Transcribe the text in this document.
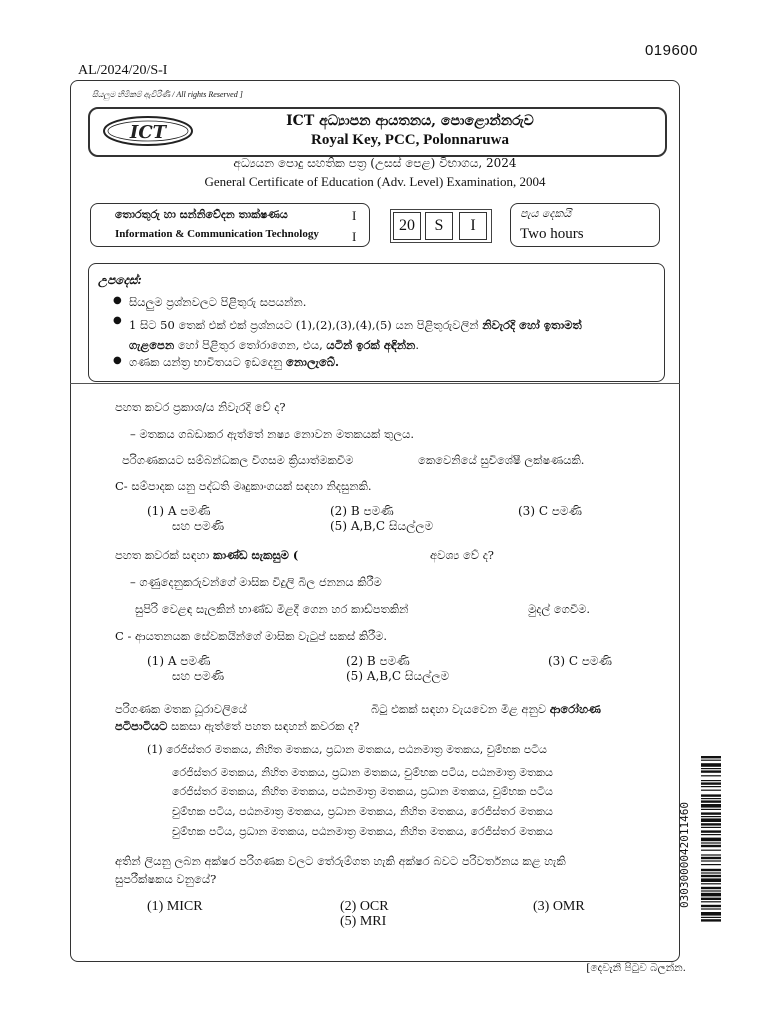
019600
AL/2024/20/S-I
සියලුම හිමිකම් ඇවිරිණි / All rights Reserved ]
ICT
ICT අධ්‍යාපන ආයතනය, පොළොන්නරුව
Royal Key, PCC, Polonnaruwa
අධ්‍යයන පොදු සහතික පත්‍ර (උසස් පෙළ) විභාගය, 2024
General Certificate of Education (Adv. Level) Examination, 2004
තොරතුරු හා සන්නිවේදන තාක්ෂණය
Information & Communication Technology
I
I
20	S	I
පැය දෙකයි
Two hours
උපදෙස්:
● සියලුම ප්‍රශ්නවලට පිළිතුරු සපයන්න.
● 1 සිට 50 තෙක් එක් එක් ප්‍රශ්නයට (1),(2),(3),(4),(5) යන පිළිතුරුවලින් නිවැරදි හෝ ඉතාමත්
ගැළපෙන හෝ පිළිතුර තෝරාගෙන, එය, යටින් ඉරක් අඳින්න.
● ගණක යන්ත්‍ර භාවිතයට ඉඩදෙනු නොලැබේ.
පහත කවර ප්‍රකාශ/ය නිවැරදි වේ ද?
– මතකය ගබඩාකර ඇත්තේ නෂ්‍ය නොවන මතකයක් තුලය.
පරිගණකයට සම්බන්ධකල විගසම ක්‍රියාත්මකවීම	කෙවෙනියේ සුවිශේෂී ලක්ෂණයකි.
C- සම්පාදක යනු පද්ධති මෘදුකාංගයක් සඳහා නිදසුනකි.
(1) A පමණි	(2) B පමණි	(3) C පමණි
සහ පමණි	(5) A,B,C සියල්ලම
පහත කවරක් සඳහා කාණ්ඩ සැකසුම (	අවශ්‍ය වේ ද?
– ගණුදෙනුකරුවන්ගේ මාසික විදුලි බිල ජනනය කිරීම
සුපිරි වෙළඳ සැලකින් භාණ්ඩ මිළදී ගෙන හර කාඩ්පතකින්	මුදල් ගෙවීම.
C - ආයතනයක සේවකයින්ගේ මාසික වැටුප් සකස් කිරීම.
(1) A පමණි	(2) B පමණි	(3) C පමණි
සහ පමණි	(5) A,B,C සියල්ලම
පරිගණක මතක ධූරාවලියේ	බිටු එකක් සඳහා වැයවෙන මිළ අනුව ආරෝහණ
පටිපාටියට සකසා ඇත්තේ පහත සඳහන් කවරක ද?
(1) රෙජිස්තර මතකය, නිහිත මතකය, ප්‍රධාන මතකය, පඨනමාත්‍ර මතකය, චුම්භක පටිය
රෙජිස්තර මතකය, නිහිත මතකය, ප්‍රධාන මතකය, චුම්භක පටිය, පඨනමාත්‍ර මතකය
රෙජිස්තර මතකය, නිහිත මතකය, පඨනමාත්‍ර මතකය, ප්‍රධාන මතකය, චුම්භක පටිය
චුම්භක පටිය, පඨනමාත්‍ර මතකය, ප්‍රධාන මතකය, නිහිත මතකය, රෙජිස්තර මතකය
චුම්භක පටිය, ප්‍රධාන මතකය, පඨනමාත්‍ර මතකය, නිහිත මතකය, රෙජිස්තර මතකය
අතින් ලියනු ලබන අක්ෂර පරිගණක වලට තේරුම්ගත හැකි අක්ෂර බවට පරිවර්තනය කළ හැකි
සුපරීක්ෂකය වනුයේ?
(1) MICR	(2) OCR	(3) OMR
(5) MRI
0303000042011460
[දෙවැනි පිටුව බලන්න.
